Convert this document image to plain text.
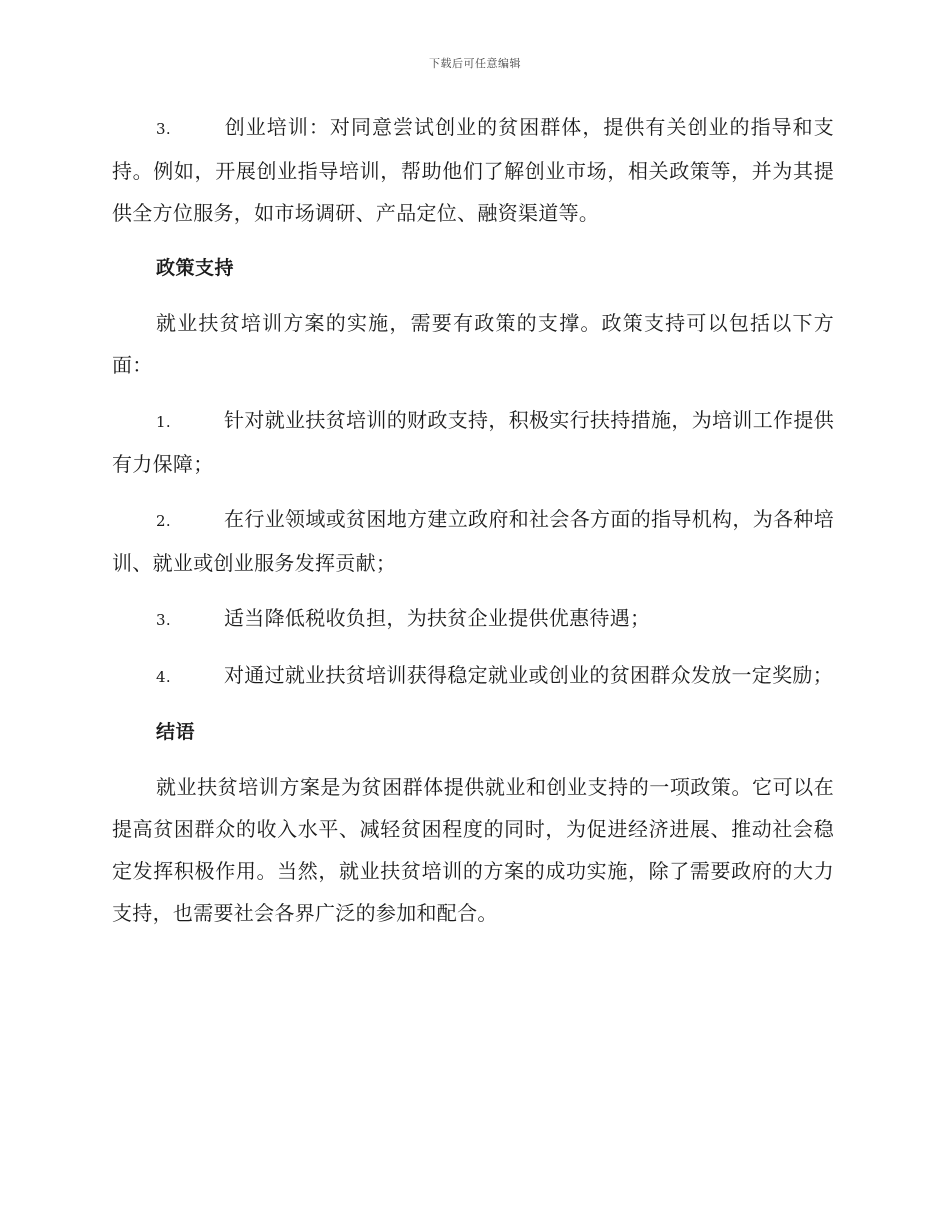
下载后可任意编辑

3.	创业培训：对同意尝试创业的贫困群体，提供有关创业的指导和支持。例如，开展创业指导培训，帮助他们了解创业市场，相关政策等，并为其提供全方位服务，如市场调研、产品定位、融资渠道等。

政策支持

就业扶贫培训方案的实施，需要有政策的支撑。政策支持可以包括以下方面：

1.	针对就业扶贫培训的财政支持，积极实行扶持措施，为培训工作提供有力保障；

2.	在行业领域或贫困地方建立政府和社会各方面的指导机构，为各种培训、就业或创业服务发挥贡献；

3.	适当降低税收负担，为扶贫企业提供优惠待遇；

4.	对通过就业扶贫培训获得稳定就业或创业的贫困群众发放一定奖励；

结语

就业扶贫培训方案是为贫困群体提供就业和创业支持的一项政策。它可以在提高贫困群众的收入水平、减轻贫困程度的同时，为促进经济进展、推动社会稳定发挥积极作用。当然，就业扶贫培训的方案的成功实施，除了需要政府的大力支持，也需要社会各界广泛的参加和配合。
